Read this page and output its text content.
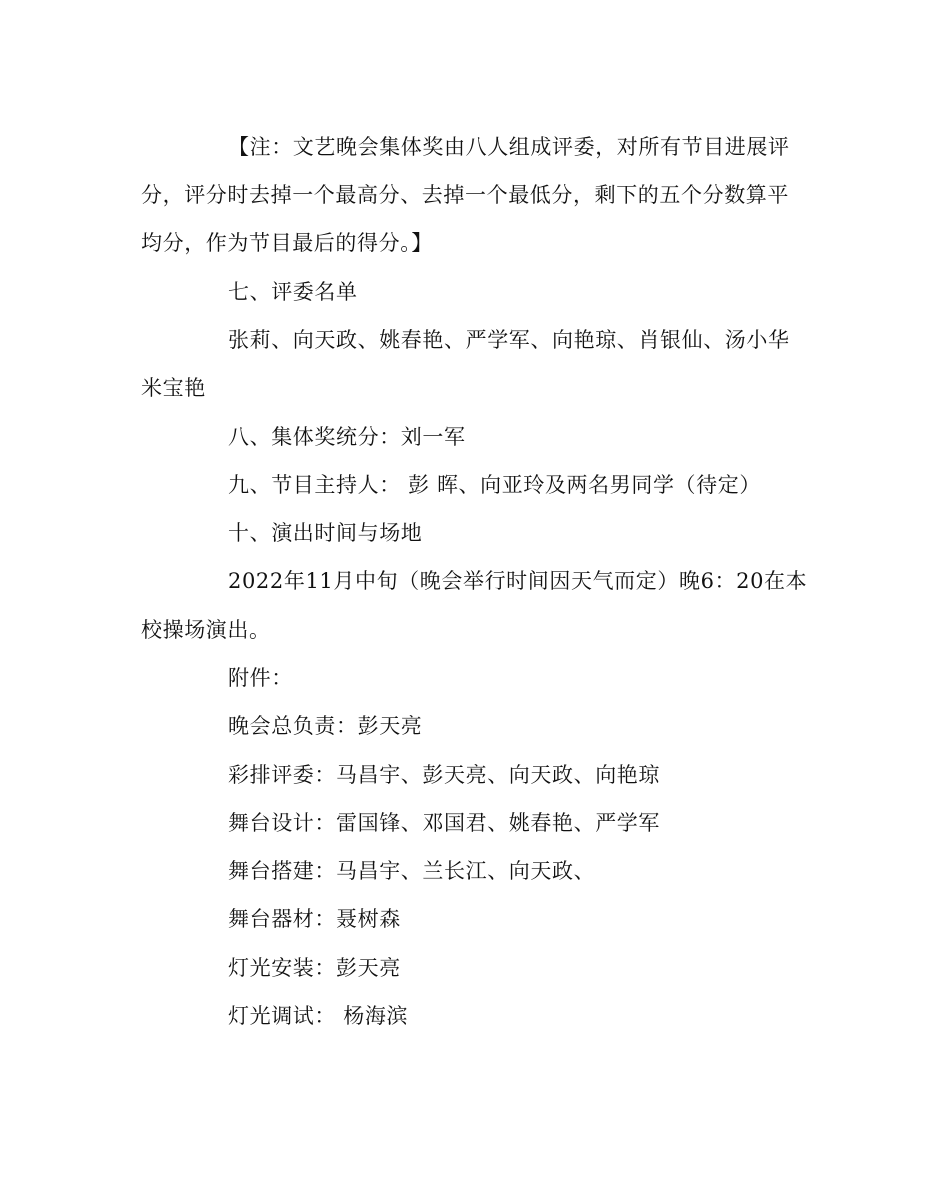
【注：文艺晚会集体奖由八人组成评委，对所有节目进展评
分，评分时去掉一个最高分、去掉一个最低分，剩下的五个分数算平
均分，作为节目最后的得分。】
七、评委名单
张莉、向天政、姚春艳、严学军、向艳琼、肖银仙、汤小华
米宝艳
八、集体奖统分：刘一军
九、节目主持人： 彭 晖、向亚玲及两名男同学（待定）
十、演出时间与场地
2022年11月中旬（晚会举行时间因天气而定）晚6：20在本
校操场演出。
附件：
晚会总负责：彭天亮
彩排评委：马昌宇、彭天亮、向天政、向艳琼
舞台设计：雷国锋、邓国君、姚春艳、严学军
舞台搭建：马昌宇、兰长江、向天政、
舞台器材：聂树森
灯光安装：彭天亮
灯光调试： 杨海滨
